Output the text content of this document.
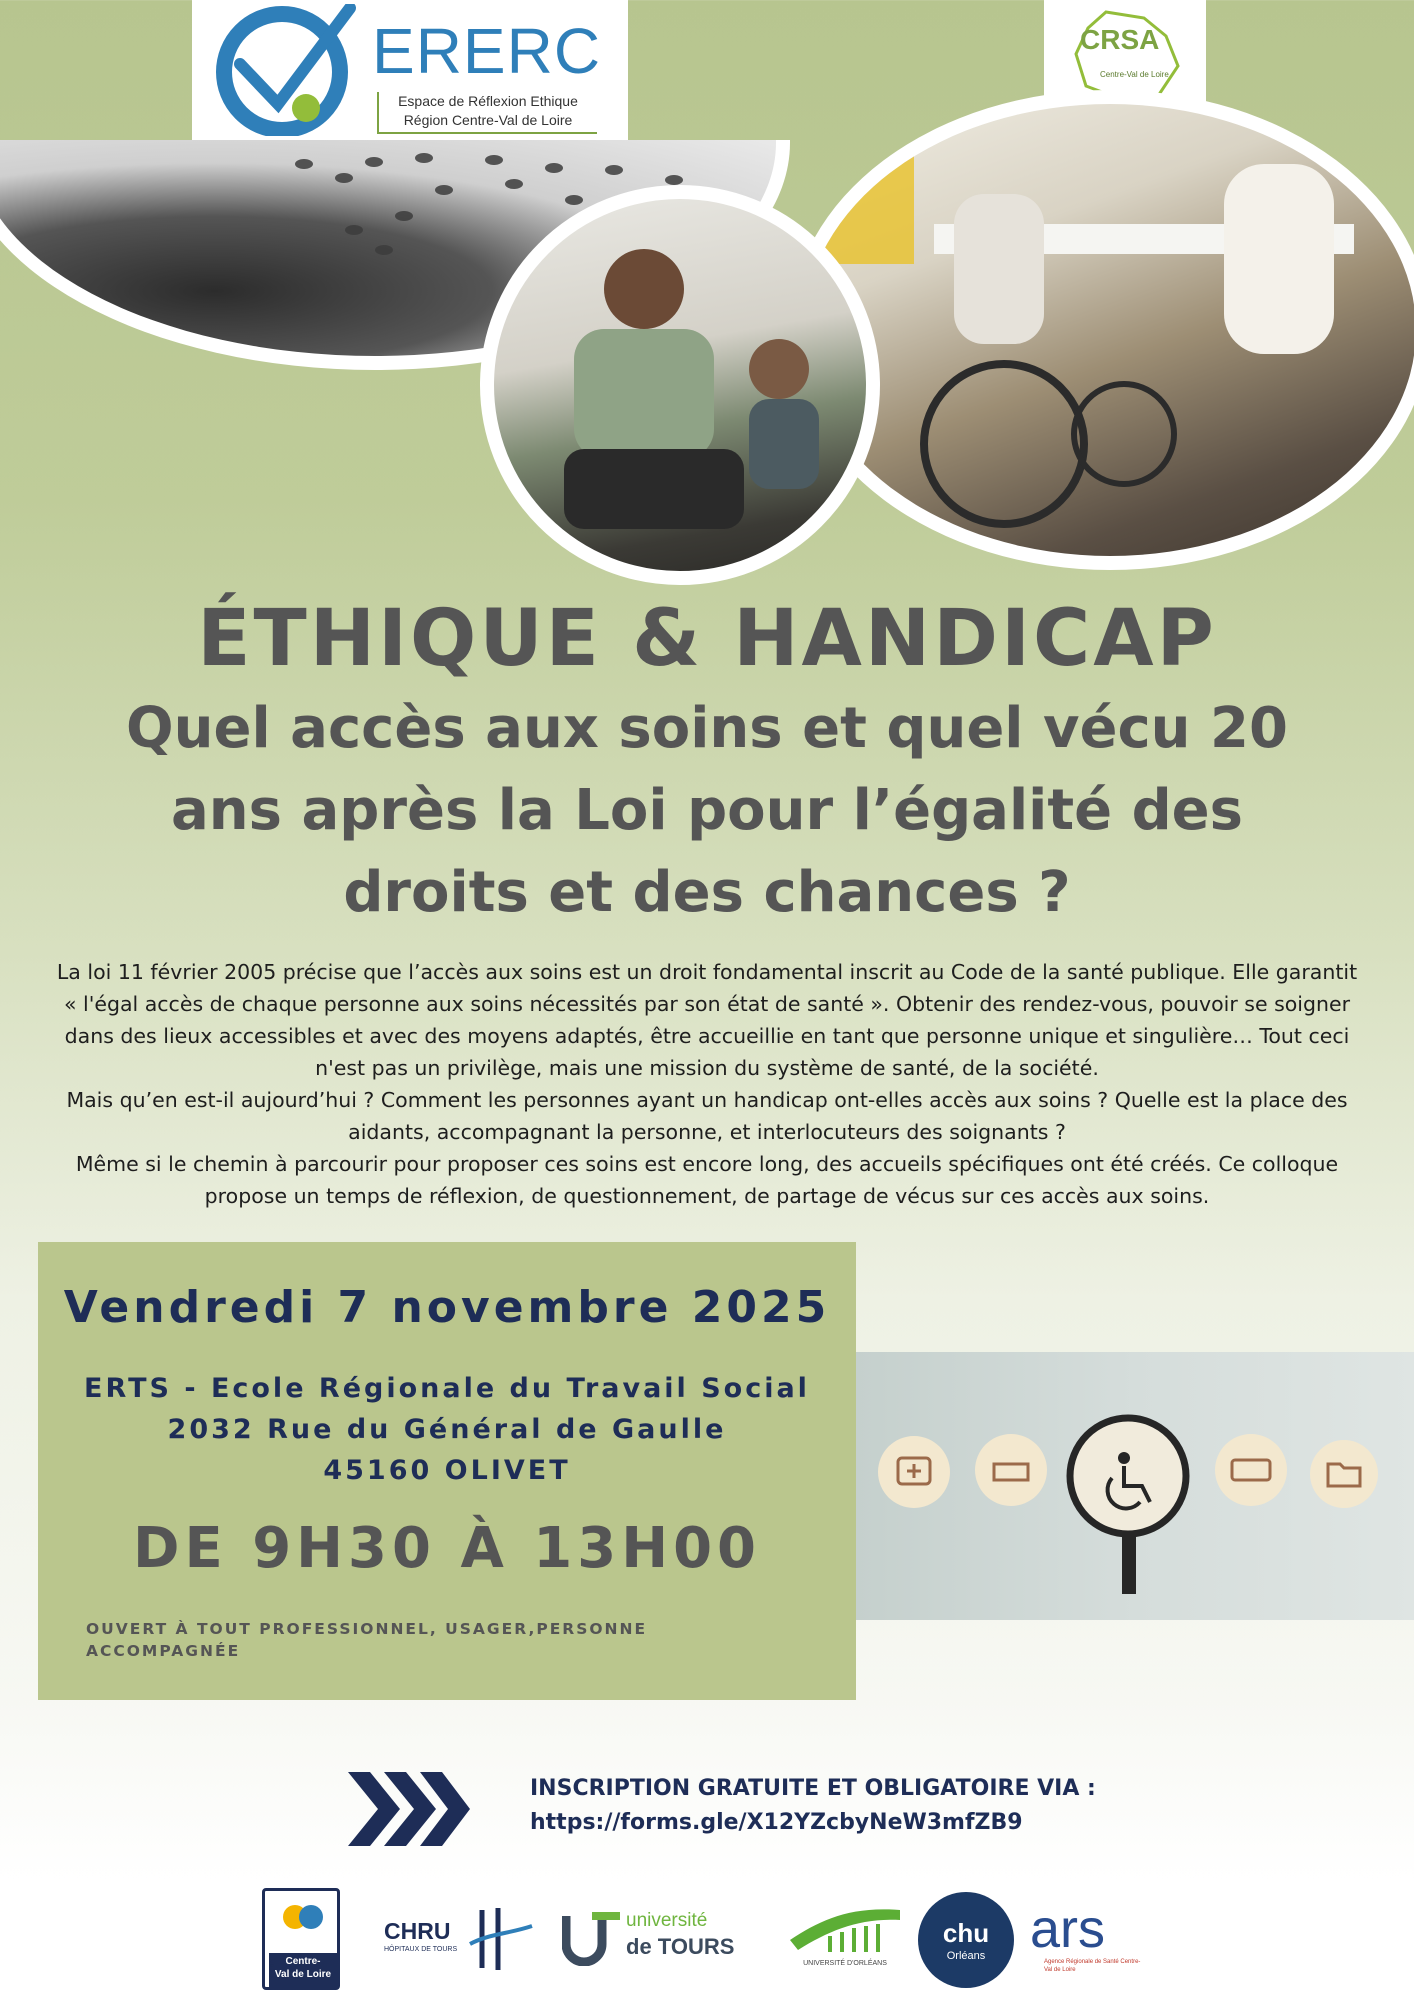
ERERC
Espace de Réflexion Ethique
Région Centre-Val de Loire
CRSA
Centre-Val de Loire
ÉTHIQUE & HANDICAP
Quel accès aux soins et quel vécu 20
ans après la Loi pour l’égalité des
droits et des chances ?
La loi 11 février 2005 précise que l’accès aux soins est un droit fondamental inscrit au Code de la santé publique. Elle garantit « l'égal accès de chaque personne aux soins nécessités par son état de santé ». Obtenir des rendez-vous, pouvoir se soigner dans des lieux accessibles et avec des moyens adaptés, être accueillie en tant que personne unique et singulière… Tout ceci n'est pas un privilège, mais une mission du système de santé, de la société.
Mais qu’en est-il aujourd’hui ? Comment les personnes ayant un handicap ont-elles accès aux soins ? Quelle est la place des aidants, accompagnant la personne, et interlocuteurs des soignants ?
Même si le chemin à parcourir pour proposer ces soins est encore long, des accueils spécifiques ont été créés. Ce colloque propose un temps de réflexion, de questionnement, de partage de vécus sur ces accès aux soins.
Vendredi 7 novembre 2025
ERTS - Ecole Régionale du Travail Social
2032 Rue du Général de Gaulle
45160 OLIVET
DE 9H30 À 13H00
OUVERT À TOUT PROFESSIONNEL, USAGER,PERSONNE
ACCOMPAGNÉE
INSCRIPTION GRATUITE ET OBLIGATOIRE VIA :
https://forms.gle/X12YZcbyNeW3mfZB9
Centre-
Val de Loire
Région
CHRU
HÔPITAUX DE TOURS
université
de TOURS
UNIVERSITÉ D'ORLÉANS
chu
Orléans ars
Agence Régionale de Santé Centre-Val de Loire
